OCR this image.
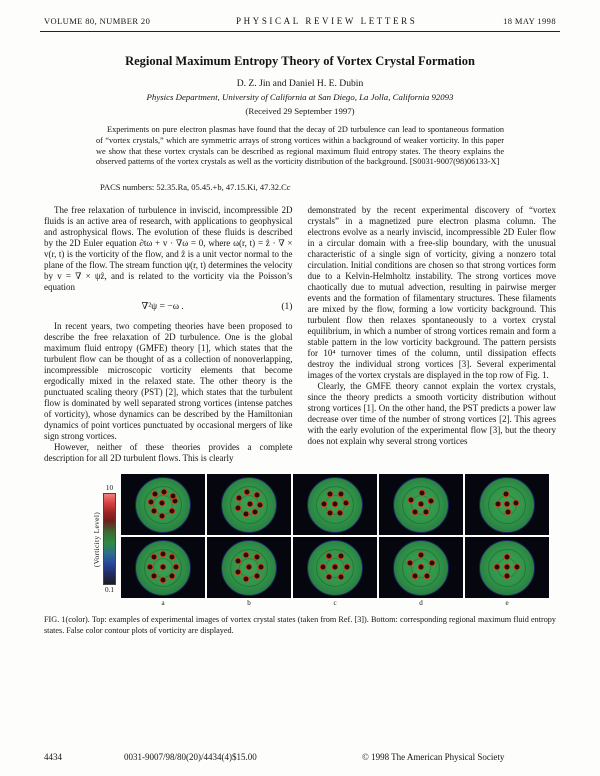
VOLUME 80, NUMBER 20	PHYSICAL REVIEW LETTERS	18 MAY 1998
Regional Maximum Entropy Theory of Vortex Crystal Formation
D. Z. Jin and Daniel H. E. Dubin
Physics Department, University of California at San Diego, La Jolla, California 92093
(Received 29 September 1997)

Experiments on pure electron plasmas have found that the decay of 2D turbulence can lead to spontaneous formation of “vortex crystals,” which are symmetric arrays of strong vortices within a background of weaker vorticity. In this paper we show that these vortex crystals can be described as regional maximum fluid entropy states. The theory explains the observed patterns of the vortex crystals as well as the vorticity distribution of the background. [S0031-9007(98)06133-X]

PACS numbers: 52.35.Ra, 05.45.+b, 47.15.Ki, 47.32.Cc

The free relaxation of turbulence in inviscid, incompressible 2D fluids is an active area of research, with applications to geophysical and astrophysical flows. The evolution of these fluids is described by the 2D Euler equation ∂tω + v · ∇ω = 0, where ω(r, t) = ẑ · ∇ × v(r, t) is the vorticity of the flow, and ẑ is a unit vector normal to the plane of the flow. The stream function ψ(r, t) determines the velocity by v = ∇ × ψẑ, and is related to the vorticity via the Poisson’s equation

∇²ψ = −ω .	(1)

In recent years, two competing theories have been proposed to describe the free relaxation of 2D turbulence. One is the global maximum fluid entropy (GMFE) theory [1], which states that the turbulent flow can be thought of as a collection of nonoverlapping, incompressible microscopic vorticity elements that become ergodically mixed in the relaxed state. The other theory is the punctuated scaling theory (PST) [2], which states that the turbulent flow is dominated by well separated strong vortices (intense patches of vorticity), whose dynamics can be described by the Hamiltonian dynamics of point vortices punctuated by occasional mergers of like sign strong vortices.

However, neither of these theories provides a complete description for all 2D turbulent flows. This is clearly

demonstrated by the recent experimental discovery of “vortex crystals” in a magnetized pure electron plasma column. The electrons evolve as a nearly inviscid, incompressible 2D Euler flow in a circular domain with a free-slip boundary, with the unusual characteristic of a single sign of vorticity, giving a nonzero total circulation. Initial conditions are chosen so that strong vortices form due to a Kelvin-Helmholtz instability. The strong vortices move chaotically due to mutual advection, resulting in pairwise merger events and the formation of filamentary structures. These filaments are mixed by the flow, forming a low vorticity background. This turbulent flow then relaxes spontaneously to a vortex crystal equilibrium, in which a number of strong vortices remain and form a stable pattern in the low vorticity background. The pattern persists for 10⁴ turnover times of the column, until dissipation effects destroy the individual strong vortices [3]. Several experimental images of the vortex crystals are displayed in the top row of Fig. 1.

Clearly, the GMFE theory cannot explain the vortex crystals, since the theory predicts a smooth vorticity distribution without strong vortices [1]. On the other hand, the PST predicts a power law decrease over time of the number of strong vortices [2]. This agrees with the early evolution of the experimental flow [3], but the theory does not explain why several strong vortices

(Vorticity Level)
10
0.1
a	b	c	d	e

FIG. 1(color). Top: examples of experimental images of vortex crystal states (taken from Ref. [3]). Bottom: corresponding regional maximum fluid entropy states. False color contour plots of vorticity are displayed.

4434	0031-9007/98/80(20)/4434(4)$15.00	© 1998 The American Physical Society
